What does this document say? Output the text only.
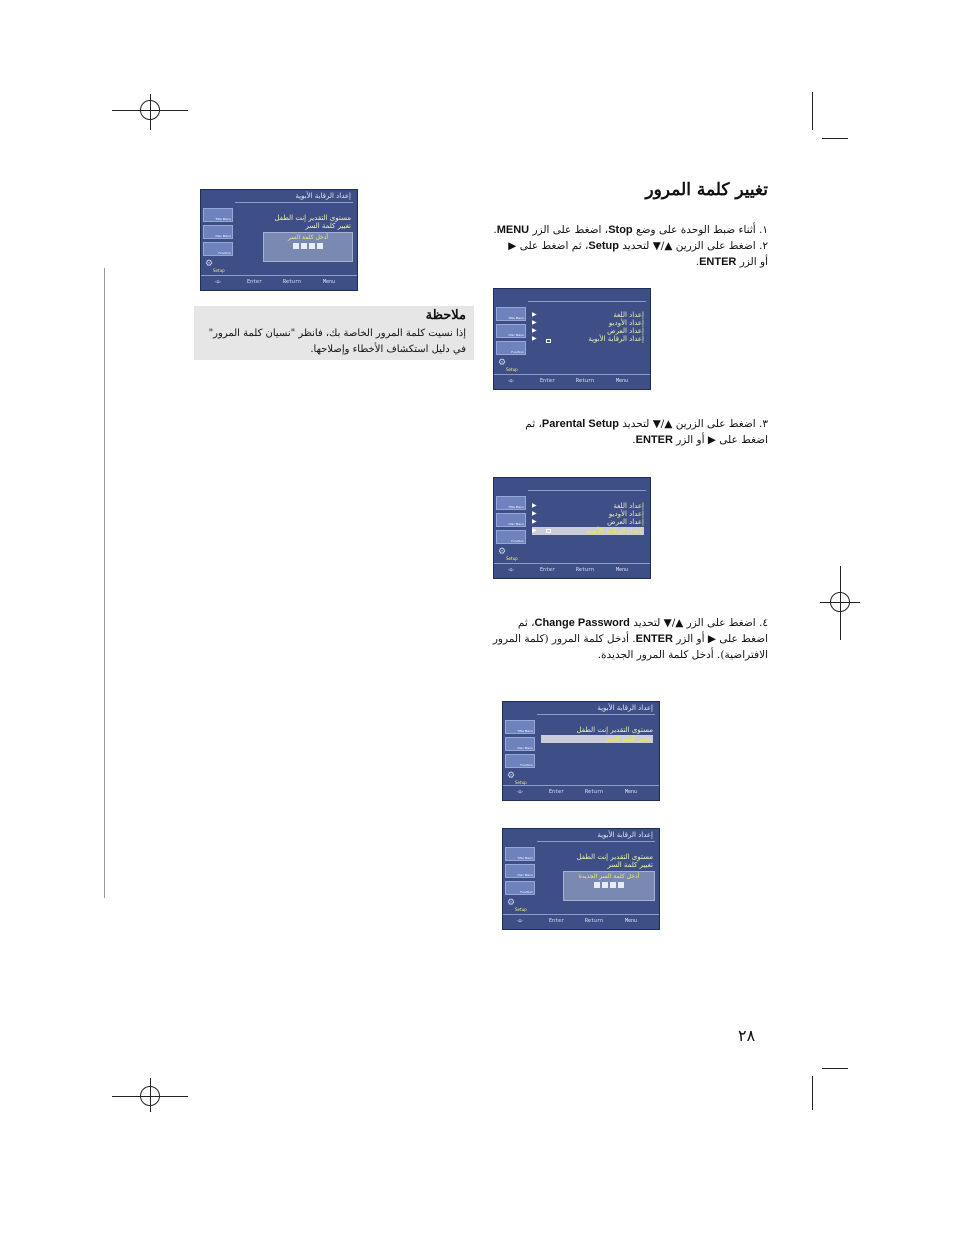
تغيير كلمة المرور
١. أثناء ضبط الوحدة على وضع Stop، اضغط على الزر MENU.
٢. اضغط على الزرين ▲/▼ لتحديد Setup، ثم اضغط على ▶ أو الزر ENTER.
٣. اضغط على الزرين ▲/▼ لتحديد Parental Setup، ثم اضغط على ▶ أو الزر ENTER.
٤. اضغط على الزر ▲/▼ لتحديد Change Password، ثم اضغط على ▶ أو الزر ENTER. أدخل كلمة المرور (كلمة المرور الافتراضية). أدخل كلمة المرور الجديدة.
ملاحظة
إذا نسيت كلمة المرور الخاصة بك، فانظر "نسيان كلمة المرور" في دليل استكشاف الأخطاء وإصلاحها.
إعداد الرقابة الأبوية
Title Menu
Disc Menu
Function
⚙
Setup
مستوى التقدير إنت الطفل
تغيير كلمة السر
أدخل كلمة السر
◁▷	Enter	Return	Menu
Title Menu
Disc Menu
Function
⚙
Setup
▶
▶
▶
▶
إعداد اللغة
إعداد الأوديو
إعداد العرض
إعداد الرقابة الأبوية
◁▷	Enter	Return	Menu
Title Menu
Disc Menu
Function
⚙
Setup
إعداد اللغة
إعداد الأوديو
إعداد العرض
إعداد الرقابة الأبوية
▶
▶
▶
▶
◁▷	Enter	Return	Menu
إعداد الرقابة الأبوية
Title Menu
Disc Menu
Function
⚙
Setup
مستوى التقدير إنت الطفل
تغيير كلمة السر
◁▷	Enter	Return	Menu
إعداد الرقابة الأبوية
Title Menu
Disc Menu
Function
⚙
Setup
مستوى التقدير إنت الطفل
تغيير كلمة السر
أدخل كلمة السر الجديدة
◁▷	Enter	Return	Menu
٢٨
